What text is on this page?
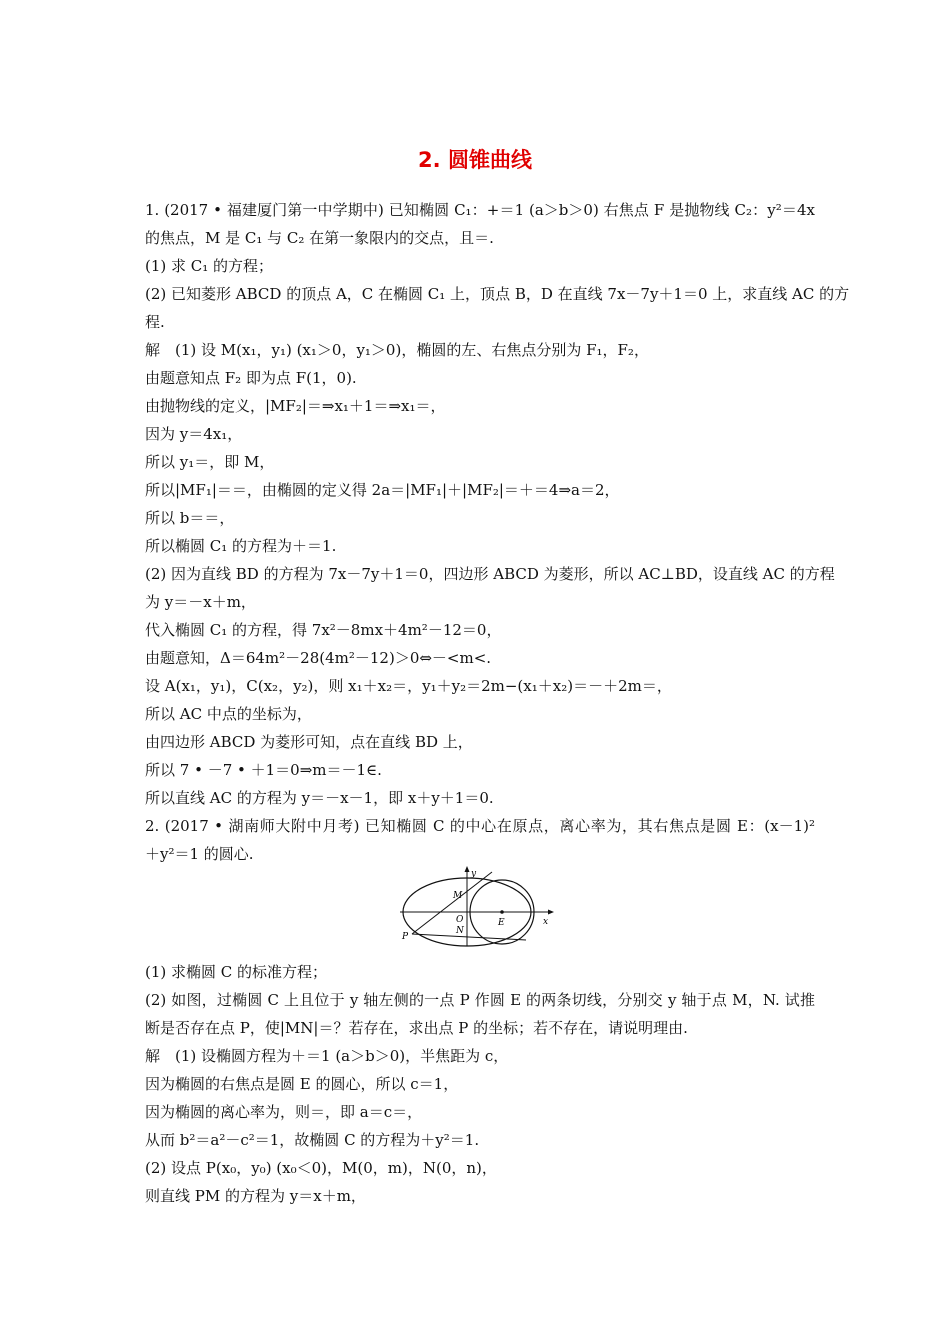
2. 圆锥曲线
1. (2017 • 福建厦门第一中学期中) 已知椭圆 C₁：+＝1 (a＞b＞0) 右焦点 F 是抛物线 C₂：y²＝4x
的焦点，M 是 C₁ 与 C₂ 在第一象限内的交点，且＝.
(1) 求 C₁ 的方程；
(2) 已知菱形 ABCD 的顶点 A，C 在椭圆 C₁ 上，顶点 B，D 在直线 7x－7y＋1＝0 上，求直线 AC 的方
程.
解　(1) 设 M(x₁，y₁) (x₁＞0，y₁＞0)，椭圆的左、右焦点分别为 F₁，F₂，
由题意知点 F₂ 即为点 F(1，0).
由抛物线的定义，|MF₂|＝⇒x₁＋1＝⇒x₁＝，
因为 y＝4x₁，
所以 y₁＝，即 M，
所以|MF₁|＝＝，由椭圆的定义得 2a＝|MF₁|＋|MF₂|＝＋＝4⇒a＝2，
所以 b＝＝，
所以椭圆 C₁ 的方程为＋＝1.
(2) 因为直线 BD 的方程为 7x－7y＋1＝0，四边形 ABCD 为菱形，所以 AC⊥BD，设直线 AC 的方程
为 y＝－x＋m，
代入椭圆 C₁ 的方程，得 7x²－8mx＋4m²－12＝0，
由题意知，Δ＝64m²－28(4m²－12)＞0⇔－<m<.
设 A(x₁，y₁)，C(x₂，y₂)，则 x₁＋x₂＝，y₁＋y₂＝2m−(x₁＋x₂)＝－＋2m＝，
所以 AC 中点的坐标为，
由四边形 ABCD 为菱形可知，点在直线 BD 上，
所以 7 • －7 • ＋1＝0⇒m＝－1∈.
所以直线 AC 的方程为 y＝－x－1，即 x＋y＋1＝0.
2. (2017 • 湖南师大附中月考) 已知椭圆 C 的中心在原点，离心率为，其右焦点是圆 E：(x－1)²
＋y²＝1 的圆心.
y
x
M
O
N
E
P
(1) 求椭圆 C 的标准方程；
(2) 如图，过椭圆 C 上且位于 y 轴左侧的一点 P 作圆 E 的两条切线，分别交 y 轴于点 M，N. 试推
断是否存在点 P，使|MN|＝？若存在，求出点 P 的坐标；若不存在，请说明理由.
解　(1) 设椭圆方程为＋＝1 (a＞b＞0)，半焦距为 c，
因为椭圆的右焦点是圆 E 的圆心，所以 c＝1，
因为椭圆的离心率为，则＝，即 a＝c＝，
从而 b²＝a²－c²＝1，故椭圆 C 的方程为＋y²＝1.
(2) 设点 P(x₀，y₀) (x₀＜0)，M(0，m)，N(0，n)，
则直线 PM 的方程为 y＝x＋m，
